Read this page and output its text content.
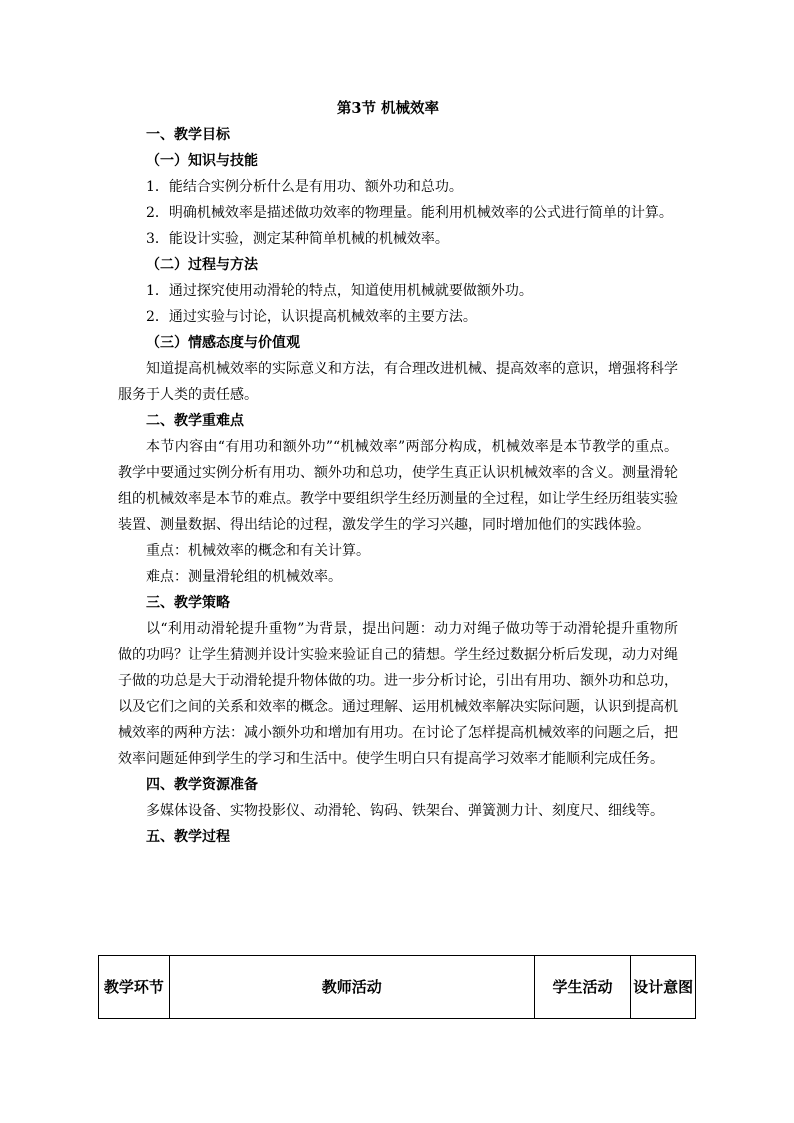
第3节 机械效率
一、教学目标
（一）知识与技能
1．能结合实例分析什么是有用功、额外功和总功。
2．明确机械效率是描述做功效率的物理量。能利用机械效率的公式进行简单的计算。
3．能设计实验，测定某种简单机械的机械效率。
（二）过程与方法
1．通过探究使用动滑轮的特点，知道使用机械就要做额外功。
2．通过实验与讨论，认识提高机械效率的主要方法。
（三）情感态度与价值观
知道提高机械效率的实际意义和方法，有合理改进机械、提高效率的意识，增强将科学服务于人类的责任感。
二、教学重难点
本节内容由“有用功和额外功”“机械效率”两部分构成，机械效率是本节教学的重点。教学中要通过实例分析有用功、额外功和总功，使学生真正认识机械效率的含义。测量滑轮组的机械效率是本节的难点。教学中要组织学生经历测量的全过程，如让学生经历组装实验装置、测量数据、得出结论的过程，激发学生的学习兴趣，同时增加他们的实践体验。
重点：机械效率的概念和有关计算。
难点：测量滑轮组的机械效率。
三、教学策略
以“利用动滑轮提升重物”为背景，提出问题：动力对绳子做功等于动滑轮提升重物所做的功吗？让学生猜测并设计实验来验证自己的猜想。学生经过数据分析后发现，动力对绳子做的功总是大于动滑轮提升物体做的功。进一步分析讨论，引出有用功、额外功和总功，以及它们之间的关系和效率的概念。通过理解、运用机械效率解决实际问题，认识到提高机械效率的两种方法：减小额外功和增加有用功。在讨论了怎样提高机械效率的问题之后，把效率问题延伸到学生的学习和生活中。使学生明白只有提高学习效率才能顺利完成任务。
四、教学资源准备
多媒体设备、实物投影仪、动滑轮、钩码、铁架台、弹簧测力计、刻度尺、细线等。
五、教学过程
教学环节	教师活动	学生活动	设计意图
